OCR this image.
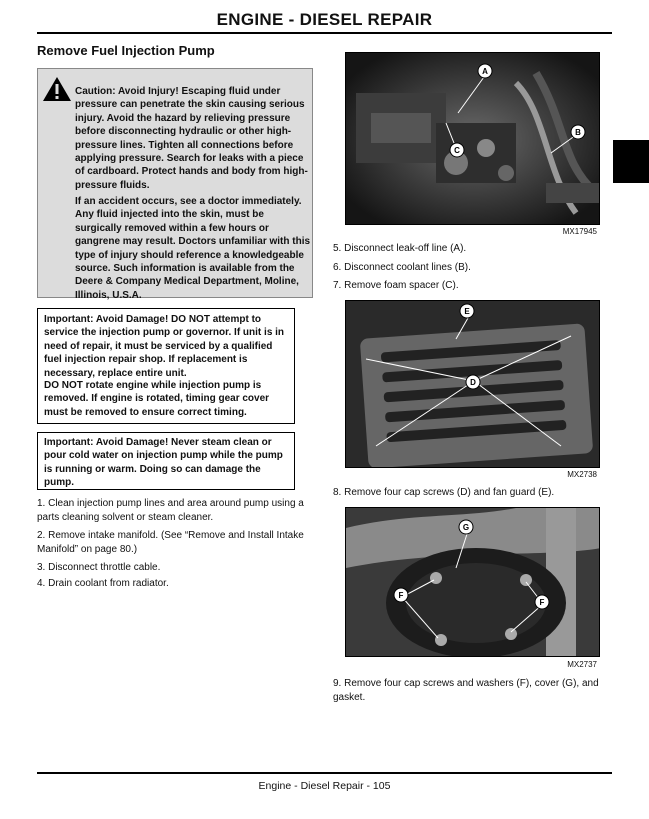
ENGINE - DIESEL REPAIR
Remove Fuel Injection Pump

Caution: Avoid Injury! Escaping fluid under pressure can penetrate the skin causing serious injury. Avoid the hazard by relieving pressure before disconnecting hydraulic or other high-pressure lines. Tighten all connections before applying pressure. Search for leaks with a piece of cardboard. Protect hands and body from high-pressure fluids.

If an accident occurs, see a doctor immediately. Any fluid injected into the skin, must be surgically removed within a few hours or gangrene may result. Doctors unfamiliar with this type of injury should reference a knowledgeable source. Such information is available from the Deere & Company Medical Department, Moline, Illinois, U.S.A.

Important: Avoid Damage! DO NOT attempt to service the injection pump or governor. If unit is in need of repair, it must be serviced by a qualified fuel injection repair shop. If replacement is necessary, replace entire unit.

DO NOT rotate engine while injection pump is removed. If engine is rotated, timing gear cover must be removed to ensure correct timing.

Important: Avoid Damage! Never steam clean or pour cold water on injection pump while the pump is running or warm. Doing so can damage the pump.

1. Clean injection pump lines and area around pump using a parts cleaning solvent or steam cleaner.
2. Remove intake manifold. (See “Remove and Install Intake Manifold” on page 80.)
3. Disconnect throttle cable.
4. Drain coolant from radiator.
A
B
C
MX17945
5. Disconnect leak-off line (A).
6. Disconnect coolant lines (B).
7. Remove foam spacer (C).
E
D
MX2738
8. Remove four cap screws (D) and fan guard (E).
G
F
F
MX2737
9. Remove four cap screws and washers (F), cover (G), and gasket.
Engine - Diesel Repair - 105
